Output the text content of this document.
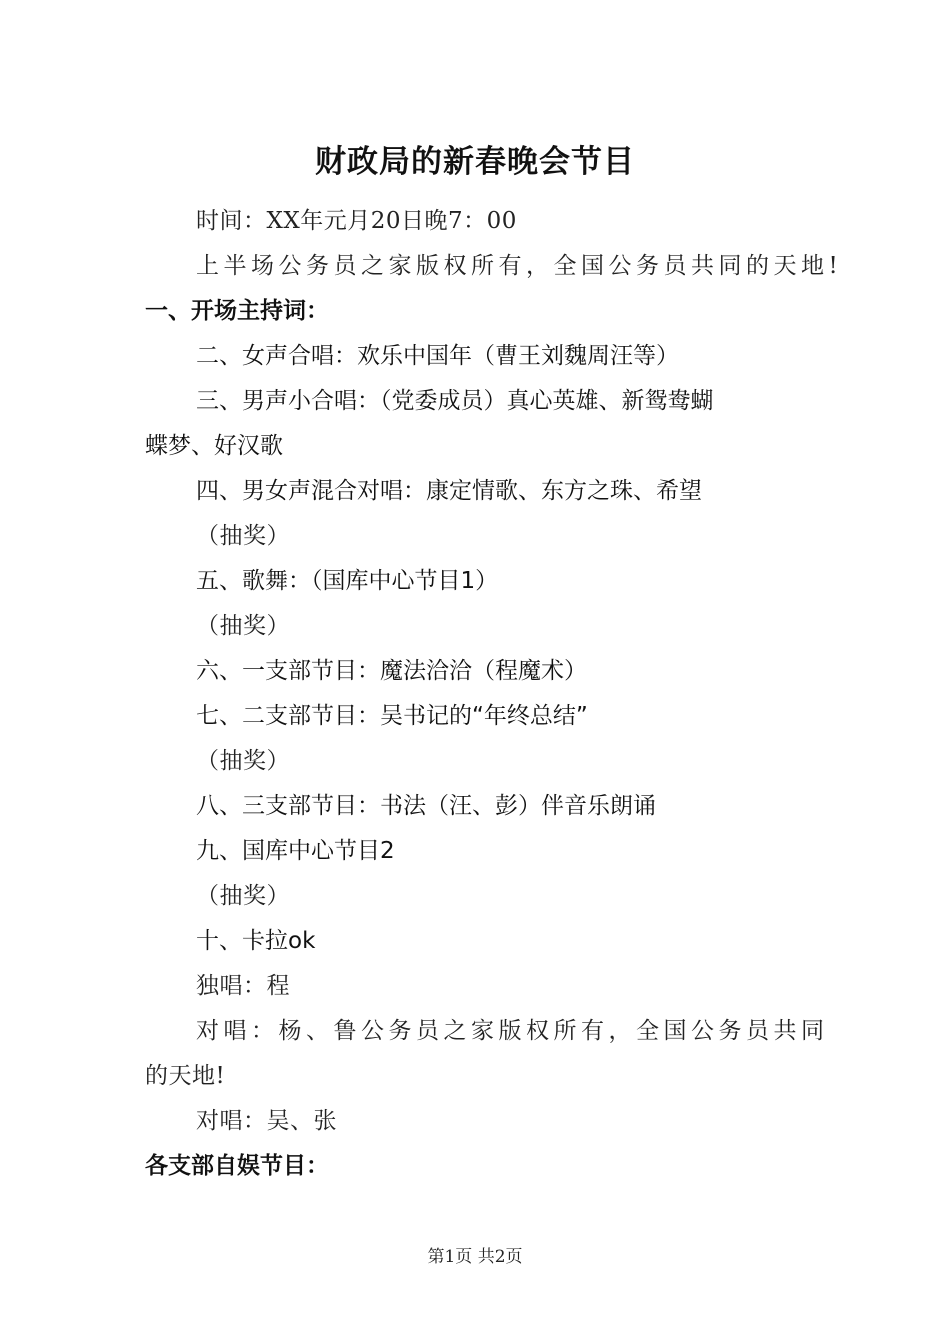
财政局的新春晚会节目
时间：XX年元月20日晚7：00
上半场公务员之家版权所有，全国公务员共同的天地!
一、开场主持词：
二、女声合唱：欢乐中国年（曹王刘魏周汪等）
三、男声小合唱：（党委成员）真心英雄、新鸳鸯蝴
蝶梦、好汉歌
四、男女声混合对唱：康定情歌、东方之珠、希望
（抽奖）
五、歌舞：（国库中心节目1）
（抽奖）
六、一支部节目：魔法洽洽（程魔术）
七、二支部节目：吴书记的“年终总结”
（抽奖）
八、三支部节目：书法（汪、彭）伴音乐朗诵
九、国库中心节目2
（抽奖）
十、卡拉ok
独唱：程
对唱：杨、鲁公务员之家版权所有，全国公务员共同
的天地!
对唱：吴、张
各支部自娱节目：
第1页 共2页
